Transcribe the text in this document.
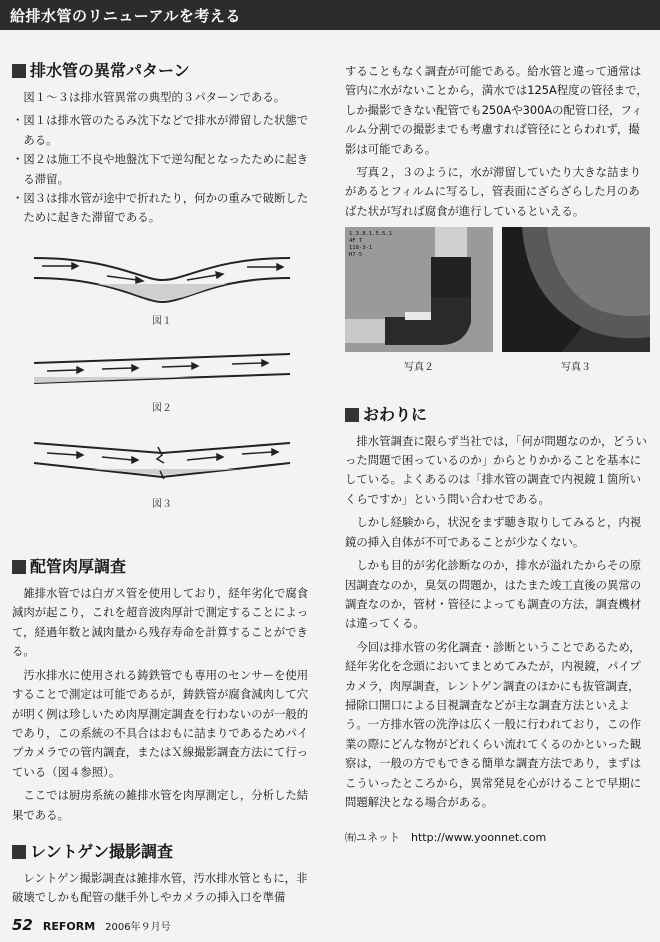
給排水管のリニューアルを考える
排水管の異常パターン

図１～３は排水管異常の典型的３パターンである。

・図１は排水管のたるみ沈下などで排水が滞留した状態である。

・図２は施工不良や地盤沈下で逆勾配となったために起きる滞留。

・図３は排水管が途中で折れたり，何かの重みで破断したために起きた滞留である。

図１
図２
図３
配管肉厚調査

雑排水管では白ガス管を使用しており，経年劣化で腐食減肉が起こり，これを超音波肉厚計で測定することによって，経過年数と減肉量から残存寿命を計算することができる。

汚水排水に使用される鋳鉄管でも専用のセンサーを使用することで測定は可能であるが，鋳鉄管が腐食減肉して穴が明く例は珍しいため肉厚測定調査を行わないのが一般的であり，この系統の不具合はおもに詰まりであるためパイプカメラでの管内調査，またはＸ線撮影調査方法にて行っている（図４参照）。

ここでは厨房系統の雑排水管を肉厚測定し，分析した結果である。

レントゲン撮影調査

レントゲン撮影調査は雑排水管，汚水排水管ともに，非破壊でしかも配管の継手外しやカメラの挿入口を準備

することもなく調査が可能である。給水管と違って通常は管内に水がないことから，満水では125A程度の管径まで，しか撮影できない配管でも250Aや300Aの配管口径，フィルム分割での撮影までも考慮すれば管径にとらわれず，撮影は可能である。

写真２，３のように，水が滞留していたり大きな詰まりがあるとフィルムに写るし，管表面にざらざらした月のあばた状が写れば腐食が進行しているといえる。

1.3.8.1.5.5.1
4F T
118-3-1
H7-5
写真２	写真３
おわりに

排水管調査に限らず当社では，「何が問題なのか，どういった問題で困っているのか」からとりかかることを基本にしている。よくあるのは「排水管の調査で内視鏡１箇所いくらですか」という問い合わせである。

しかし経験から，状況をまず聴き取りしてみると，内視鏡の挿入自体が不可であることが少なくない。

しかも目的が劣化診断なのか，排水が溢れたからその原因調査なのか，臭気の問題か，はたまた竣工直後の異常の調査なのか，管材・管径によっても調査の方法，調査機材は違ってくる。

今回は排水管の劣化調査・診断ということであるため，経年劣化を念頭においてまとめてみたが，内視鏡，パイプカメラ，肉厚調査，レントゲン調査のほかにも抜管調査，掃除口開口による目視調査などが主な調査方法といえよう。一方排水管の洗浄は広く一般に行われており，この作業の際にどんな物がどれくらい流れてくるのかといった観察は，一般の方でもできる簡単な調査方法であり，まずはこういったところから，異常発見を心がけることで早期に問題解決となる場合がある。

㈲ユネット　http://www.yoonnet.com

52 REFORM 2006年９月号
